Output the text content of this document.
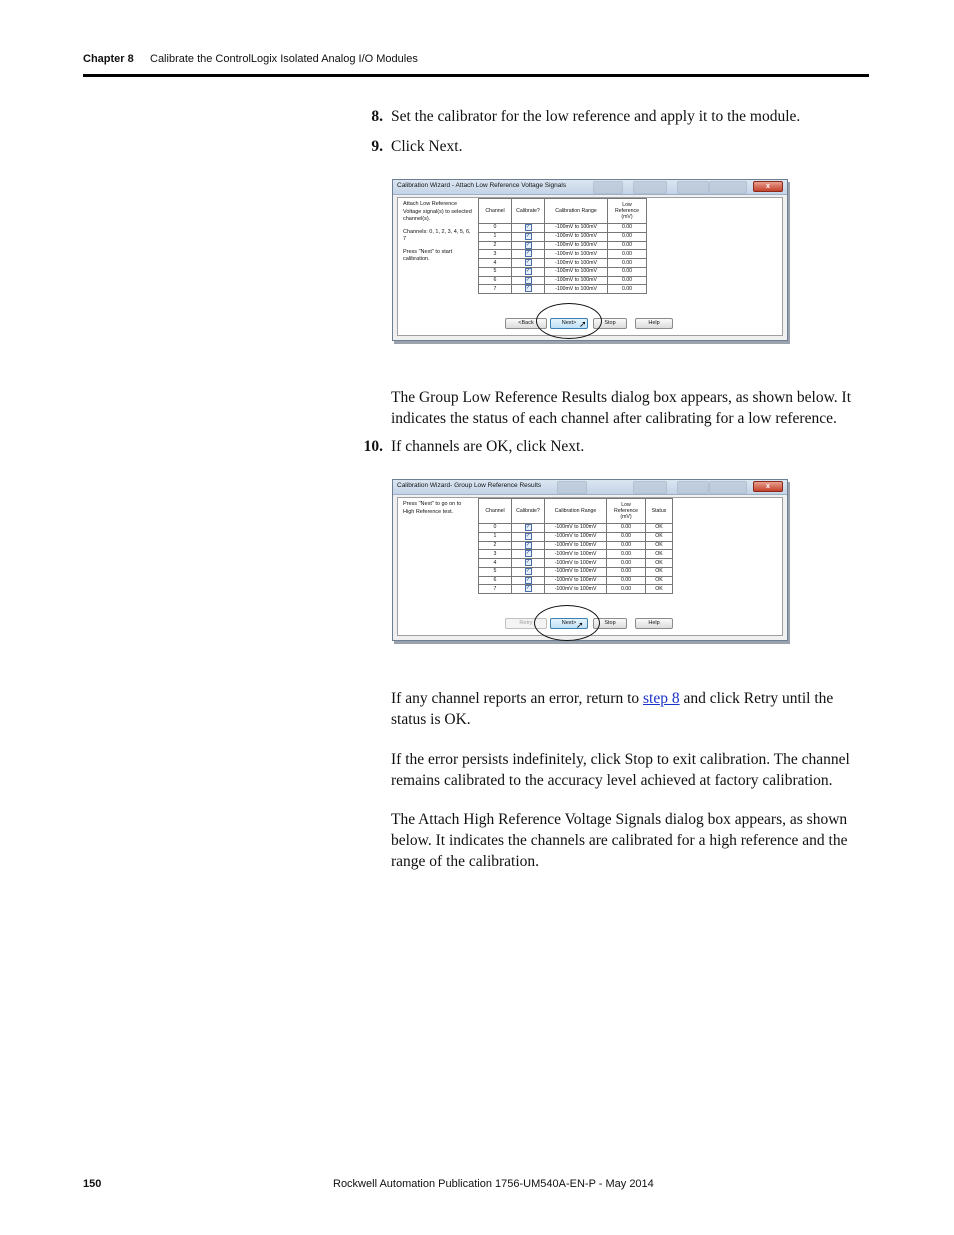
Chapter 8 Calibrate the ControlLogix Isolated Analog I/O Modules
8. Set the calibrator for the low reference and apply it to the module.
9. Click Next.
Calibration Wizard - Attach Low Reference Voltage Signals	x

Attach Low Reference Voltage signal(s) to selected channel(s).

Channels: 0, 1, 2, 3, 4, 5, 6, 7

Press "Next" to start calibration.

Channel	Calibrate?	Calibration Range	Low Reference (mV)
0	✓	-100mV to 100mV	0.00
1	✓	-100mV to 100mV	0.00
2	✓	-100mV to 100mV	0.00
3	✓	-100mV to 100mV	0.00
4	✓	-100mV to 100mV	0.00
5	✓	-100mV to 100mV	0.00
6	✓	-100mV to 100mV	0.00
7	✓	-100mV to 100mV	0.00
<Back	Next>	Stop	Help
➚
The Group Low Reference Results dialog box appears, as shown below. It indicates the status of each channel after calibrating for a low reference.
10. If channels are OK, click Next.
Calibration Wizard- Group Low Reference Results	x

Press "Next" to go on to High Reference test.	Channel	Calibrate?	Calibration Range	Low Reference (mV)	Status
0	✓	-100mV to 100mV	0.00	OK
1	✓	-100mV to 100mV	0.00	OK
2	✓	-100mV to 100mV	0.00	OK
3	✓	-100mV to 100mV	0.00	OK
4	✓	-100mV to 100mV	0.00	OK
5	✓	-100mV to 100mV	0.00	OK
6	✓	-100mV to 100mV	0.00	OK
7	✓	-100mV to 100mV	0.00	OK
Retry	Next>	Stop	Help
➚
If any channel reports an error, return to step 8 and click Retry until the status is OK.
If the error persists indefinitely, click Stop to exit calibration. The channel remains calibrated to the accuracy level achieved at factory calibration.
The Attach High Reference Voltage Signals dialog box appears, as shown below. It indicates the channels are calibrated for a high reference and the range of the calibration.
150	Rockwell Automation Publication 1756-UM540A-EN-P - May 2014
